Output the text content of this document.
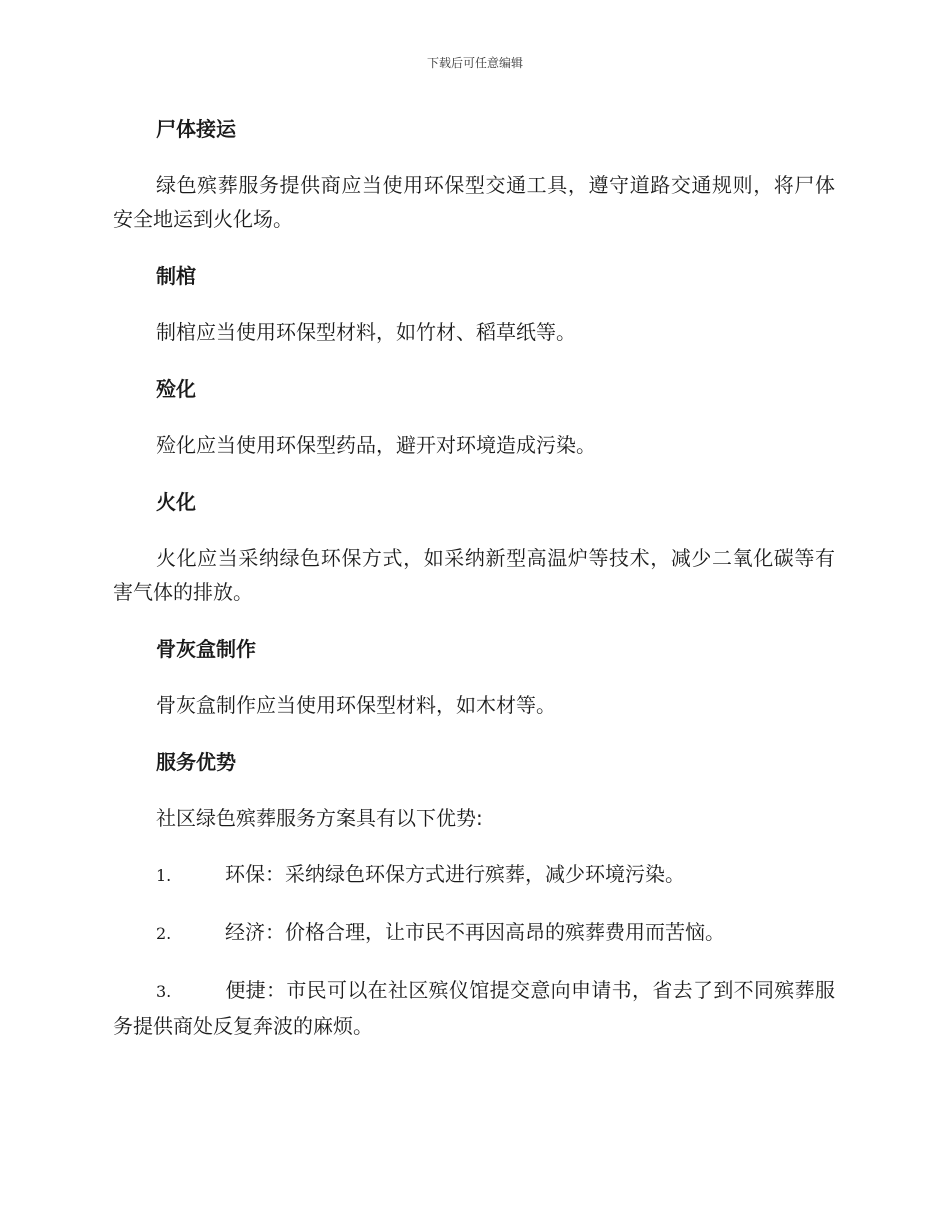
下载后可任意编辑
尸体接运

绿色殡葬服务提供商应当使用环保型交通工具，遵守道路交通规则，将尸体安全地运到火化场。

制棺

制棺应当使用环保型材料，如竹材、稻草纸等。

殓化

殓化应当使用环保型药品，避开对环境造成污染。

火化

火化应当采纳绿色环保方式，如采纳新型高温炉等技术，减少二氧化碳等有害气体的排放。

骨灰盒制作

骨灰盒制作应当使用环保型材料，如木材等。

服务优势

社区绿色殡葬服务方案具有以下优势:

1.	环保：采纳绿色环保方式进行殡葬，减少环境污染。

2.	经济：价格合理，让市民不再因高昂的殡葬费用而苦恼。

3.	便捷：市民可以在社区殡仪馆提交意向申请书，省去了到不同殡葬服务提供商处反复奔波的麻烦。
